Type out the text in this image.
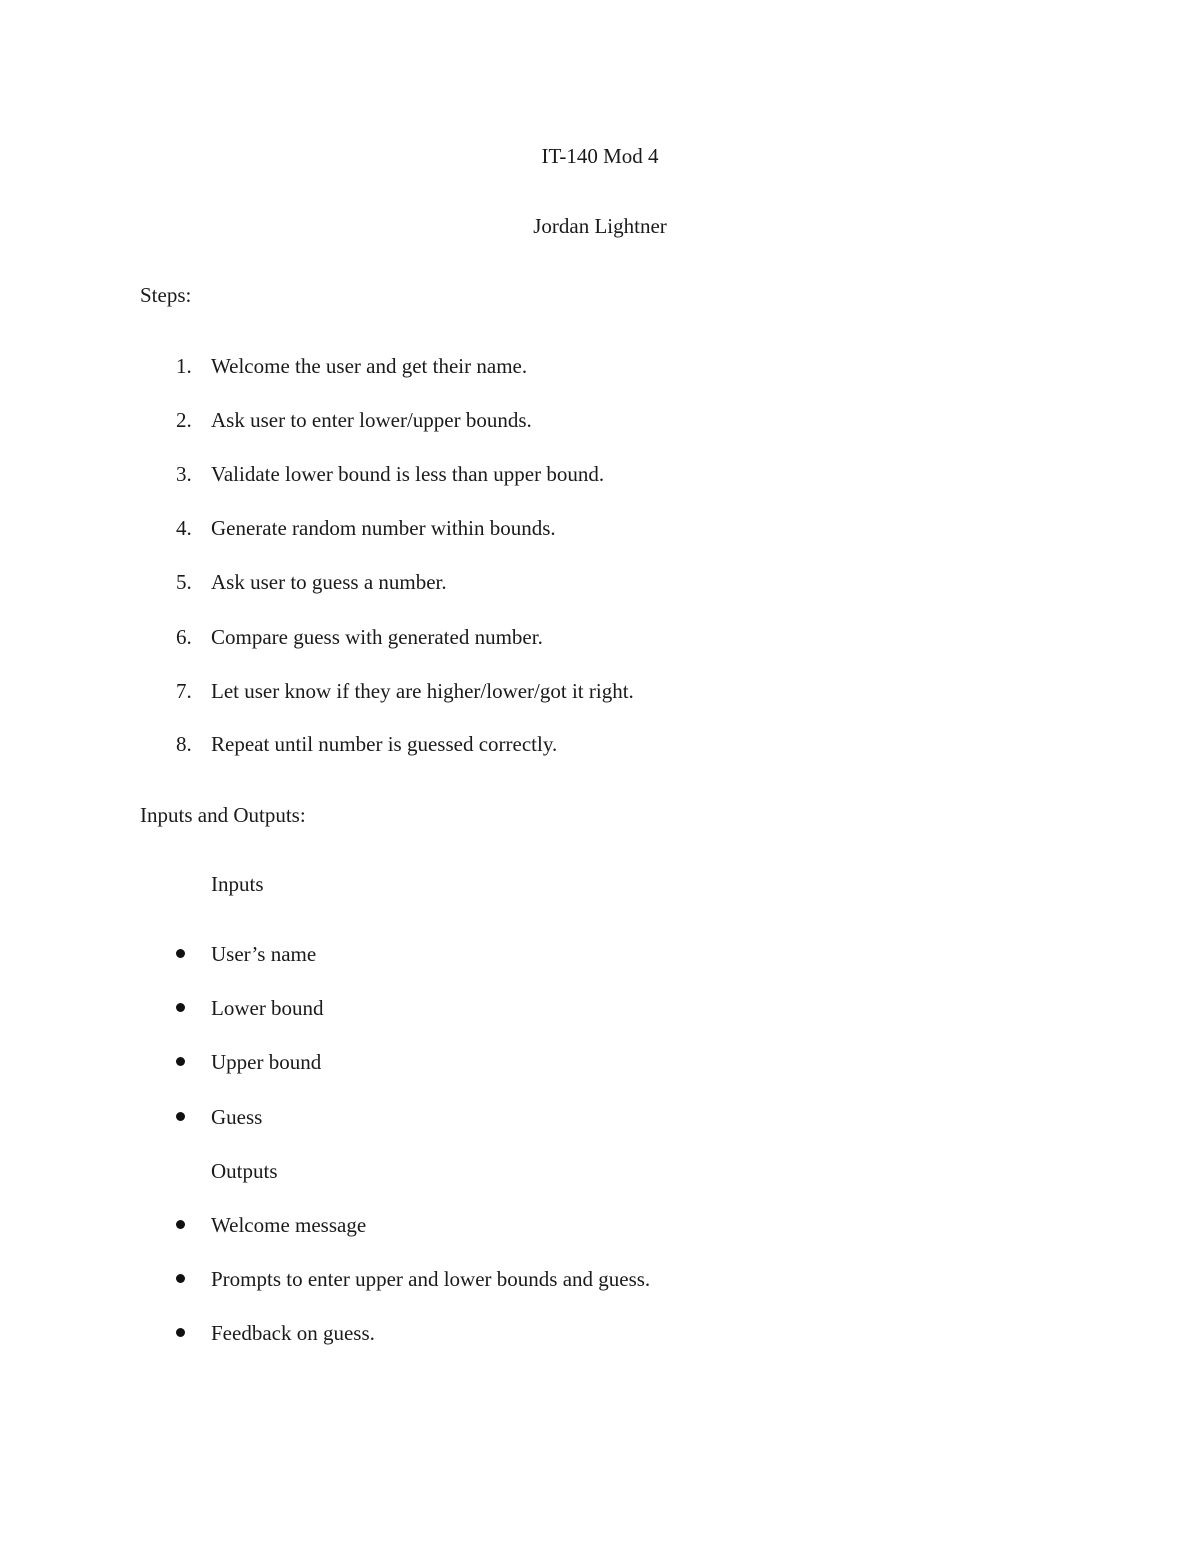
IT-140 Mod 4
Jordan Lightner
Steps:
1. Welcome the user and get their name.
2. Ask user to enter lower/upper bounds.
3. Validate lower bound is less than upper bound.
4. Generate random number within bounds.
5. Ask user to guess a number.
6. Compare guess with generated number.
7. Let user know if they are higher/lower/got it right.
8. Repeat until number is guessed correctly.
Inputs and Outputs:
Inputs
User’s name
Lower bound
Upper bound
Guess
Outputs
Welcome message
Prompts to enter upper and lower bounds and guess.
Feedback on guess.
